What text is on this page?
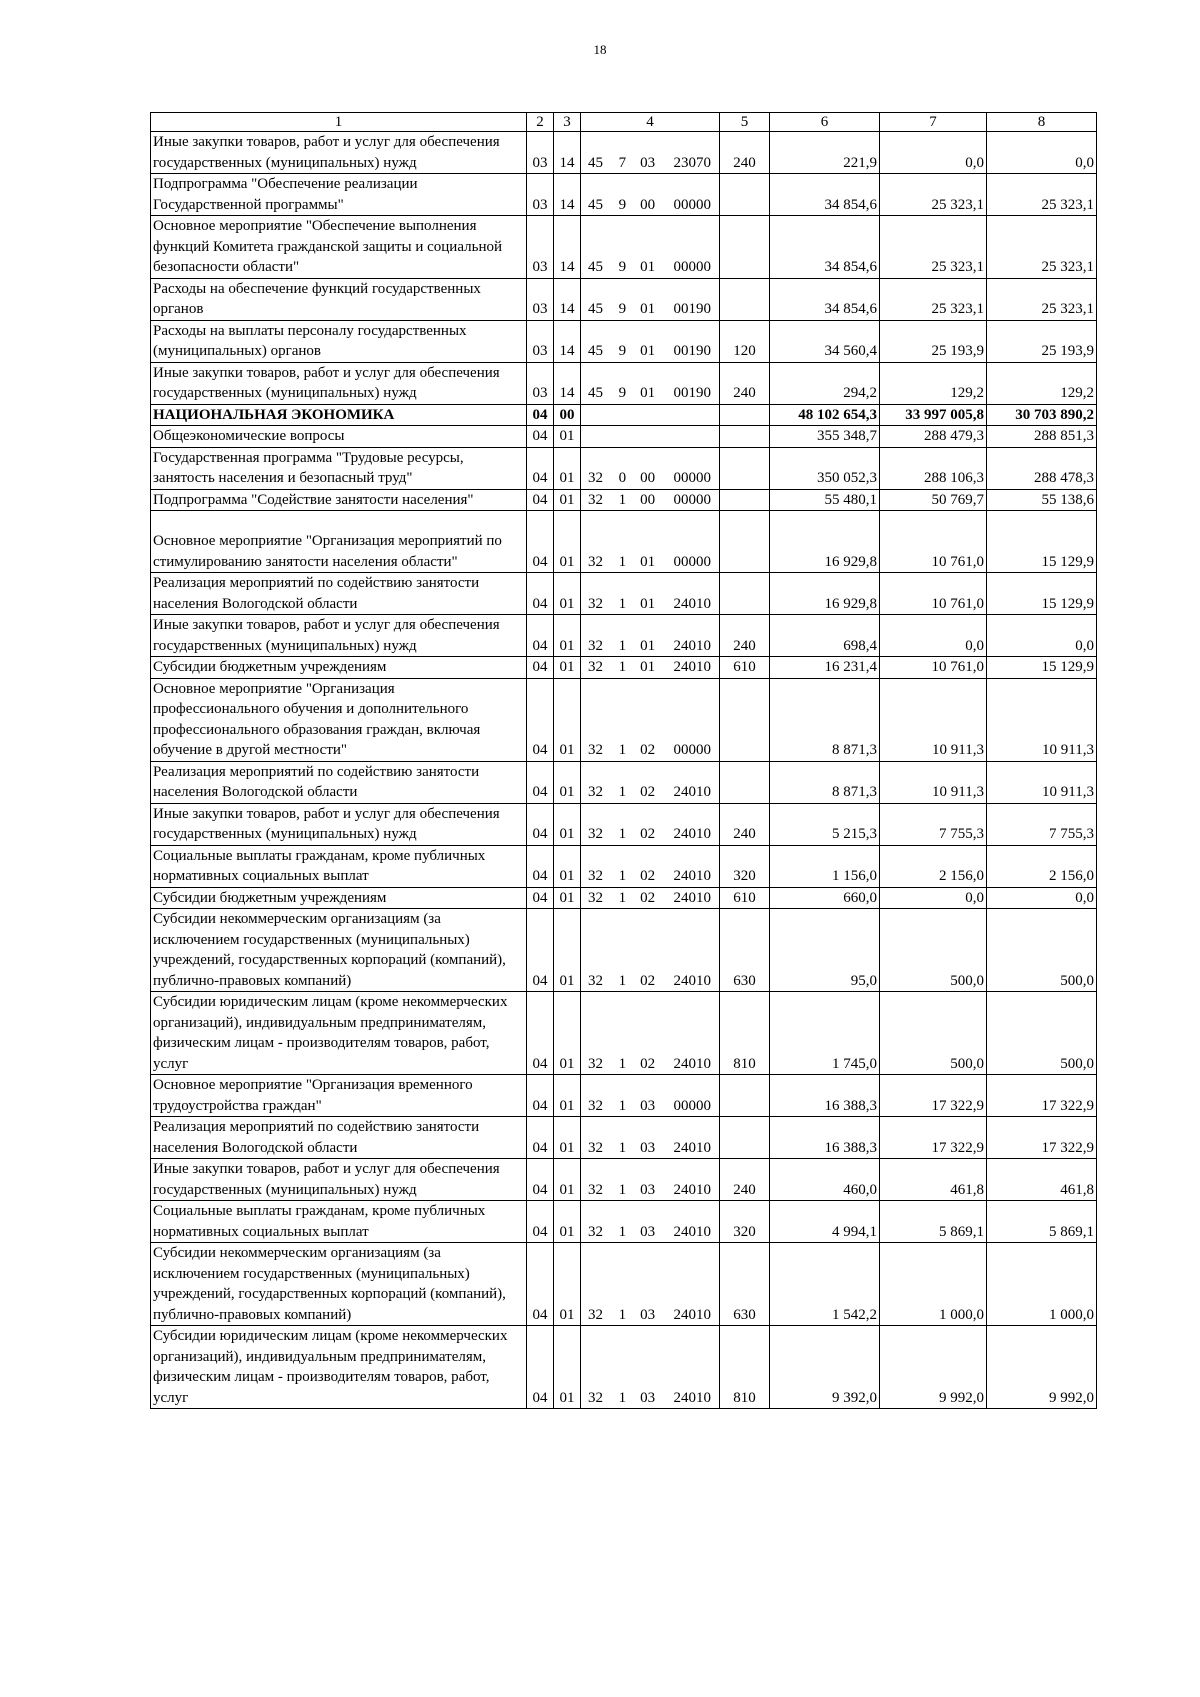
18
1	2	3	4	5	6	7	8
Иные закупки товаров, работ и услуг для обеспечения государственных (муниципальных) нужд	03	14	45 7 03 23070	240	221,9	0,0	0,0
Подпрограмма "Обеспечение реализации Государственной программы"	03	14	45 9 00 00000		34 854,6	25 323,1	25 323,1
Основное мероприятие "Обеспечение выполнения функций Комитета гражданской защиты и социальной безопасности области"	03	14	45 9 01 00000		34 854,6	25 323,1	25 323,1
Расходы на обеспечение функций государственных органов	03	14	45 9 01 00190		34 854,6	25 323,1	25 323,1
Расходы на выплаты персоналу государственных (муниципальных) органов	03	14	45 9 01 00190	120	34 560,4	25 193,9	25 193,9
Иные закупки товаров, работ и услуг для обеспечения государственных (муниципальных) нужд	03	14	45 9 01 00190	240	294,2	129,2	129,2
НАЦИОНАЛЬНАЯ ЭКОНОМИКА	04	00			48 102 654,3	33 997 005,8	30 703 890,2
Общеэкономические вопросы	04	01			355 348,7	288 479,3	288 851,3
Государственная программа "Трудовые ресурсы, занятость населения и безопасный труд"	04	01	32 0 00 00000		350 052,3	288 106,3	288 478,3
Подпрограмма "Содействие занятости населения"	04	01	32 1 00 00000		55 480,1	50 769,7	55 138,6
Основное мероприятие "Организация мероприятий по стимулированию занятости населения области"	04	01	32 1 01 00000		16 929,8	10 761,0	15 129,9
Реализация мероприятий по содействию занятости населения Вологодской области	04	01	32 1 01 24010		16 929,8	10 761,0	15 129,9
Иные закупки товаров, работ и услуг для обеспечения государственных (муниципальных) нужд	04	01	32 1 01 24010	240	698,4	0,0	0,0
Субсидии бюджетным учреждениям	04	01	32 1 01 24010	610	16 231,4	10 761,0	15 129,9
Основное мероприятие "Организация профессионального обучения и дополнительного профессионального образования граждан, включая обучение в другой местности"	04	01	32 1 02 00000		8 871,3	10 911,3	10 911,3
Реализация мероприятий по содействию занятости населения Вологодской области	04	01	32 1 02 24010		8 871,3	10 911,3	10 911,3
Иные закупки товаров, работ и услуг для обеспечения государственных (муниципальных) нужд	04	01	32 1 02 24010	240	5 215,3	7 755,3	7 755,3
Социальные выплаты гражданам, кроме публичных нормативных социальных выплат	04	01	32 1 02 24010	320	1 156,0	2 156,0	2 156,0
Субсидии бюджетным учреждениям	04	01	32 1 02 24010	610	660,0	0,0	0,0
Субсидии некоммерческим организациям (за исключением государственных (муниципальных) учреждений, государственных корпораций (компаний), публично-правовых компаний)	04	01	32 1 02 24010	630	95,0	500,0	500,0
Субсидии юридическим лицам (кроме некоммерческих организаций), индивидуальным предпринимателям, физическим лицам - производителям товаров, работ, услуг	04	01	32 1 02 24010	810	1 745,0	500,0	500,0
Основное мероприятие "Организация временного трудоустройства граждан"	04	01	32 1 03 00000		16 388,3	17 322,9	17 322,9
Реализация мероприятий по содействию занятости населения Вологодской области	04	01	32 1 03 24010		16 388,3	17 322,9	17 322,9
Иные закупки товаров, работ и услуг для обеспечения государственных (муниципальных) нужд	04	01	32 1 03 24010	240	460,0	461,8	461,8
Социальные выплаты гражданам, кроме публичных нормативных социальных выплат	04	01	32 1 03 24010	320	4 994,1	5 869,1	5 869,1
Субсидии некоммерческим организациям (за исключением государственных (муниципальных) учреждений, государственных корпораций (компаний), публично-правовых компаний)	04	01	32 1 03 24010	630	1 542,2	1 000,0	1 000,0
Субсидии юридическим лицам (кроме некоммерческих организаций), индивидуальным предпринимателям, физическим лицам - производителям товаров, работ, услуг	04	01	32 1 03 24010	810	9 392,0	9 992,0	9 992,0
